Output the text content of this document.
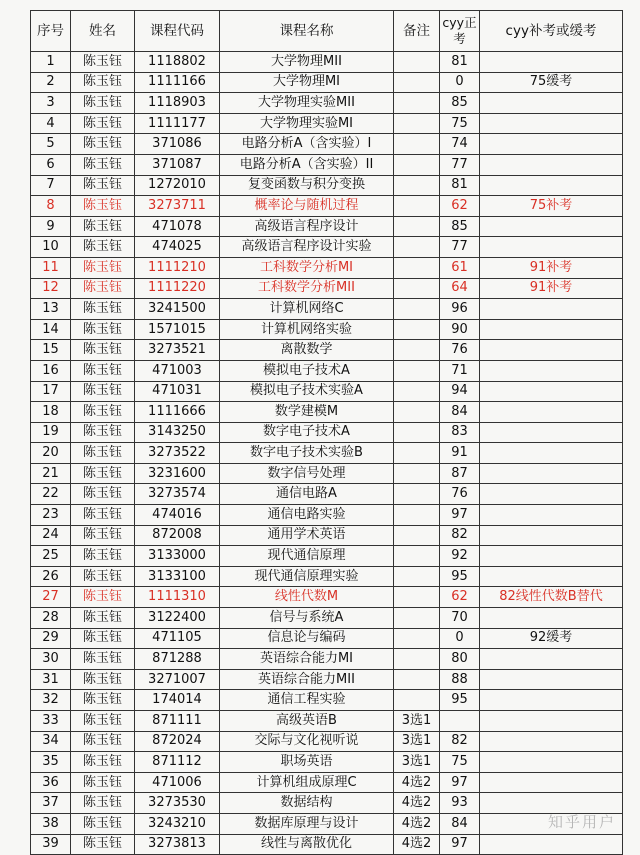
序号	姓名	课程代码	课程名称	备注	cyy正考	cyy补考或缓考
1	陈玉钰	1118802	大学物理MII		81	
2	陈玉钰	1111166	大学物理MI		0	75缓考
3	陈玉钰	1118903	大学物理实验MII		85	
4	陈玉钰	1111177	大学物理实验MI		75	
5	陈玉钰	371086	电路分析A（含实验）I		74	
6	陈玉钰	371087	电路分析A（含实验）II		77	
7	陈玉钰	1272010	复变函数与积分变换		81	
8	陈玉钰	3273711	概率论与随机过程		62	75补考
9	陈玉钰	471078	高级语言程序设计		85	
10	陈玉钰	474025	高级语言程序设计实验		77	
11	陈玉钰	1111210	工科数学分析MI		61	91补考
12	陈玉钰	1111220	工科数学分析MII		64	91补考
13	陈玉钰	3241500	计算机网络C		96	
14	陈玉钰	1571015	计算机网络实验		90	
15	陈玉钰	3273521	离散数学		76	
16	陈玉钰	471003	模拟电子技术A		71	
17	陈玉钰	471031	模拟电子技术实验A		94	
18	陈玉钰	1111666	数学建模M		84	
19	陈玉钰	3143250	数字电子技术A		83	
20	陈玉钰	3273522	数字电子技术实验B		91	
21	陈玉钰	3231600	数字信号处理		87	
22	陈玉钰	3273574	通信电路A		76	
23	陈玉钰	474016	通信电路实验		97	
24	陈玉钰	872008	通用学术英语		82	
25	陈玉钰	3133000	现代通信原理		92	
26	陈玉钰	3133100	现代通信原理实验		95	
27	陈玉钰	1111310	线性代数M		62	82线性代数B替代
28	陈玉钰	3122400	信号与系统A		70	
29	陈玉钰	471105	信息论与编码		0	92缓考
30	陈玉钰	871288	英语综合能力MI		80	
31	陈玉钰	3271007	英语综合能力MII		88	
32	陈玉钰	174014	通信工程实验		95	
33	陈玉钰	871111	高级英语B	3选1		
34	陈玉钰	872024	交际与文化视听说	3选1	82	
35	陈玉钰	871112	职场英语	3选1	75	
36	陈玉钰	471006	计算机组成原理C	4选2	97	
37	陈玉钰	3273530	数据结构	4选2	93	
38	陈玉钰	3243210	数据库原理与设计	4选2	84	
39	陈玉钰	3273813	线性与离散优化	4选2	97	
知乎用户
